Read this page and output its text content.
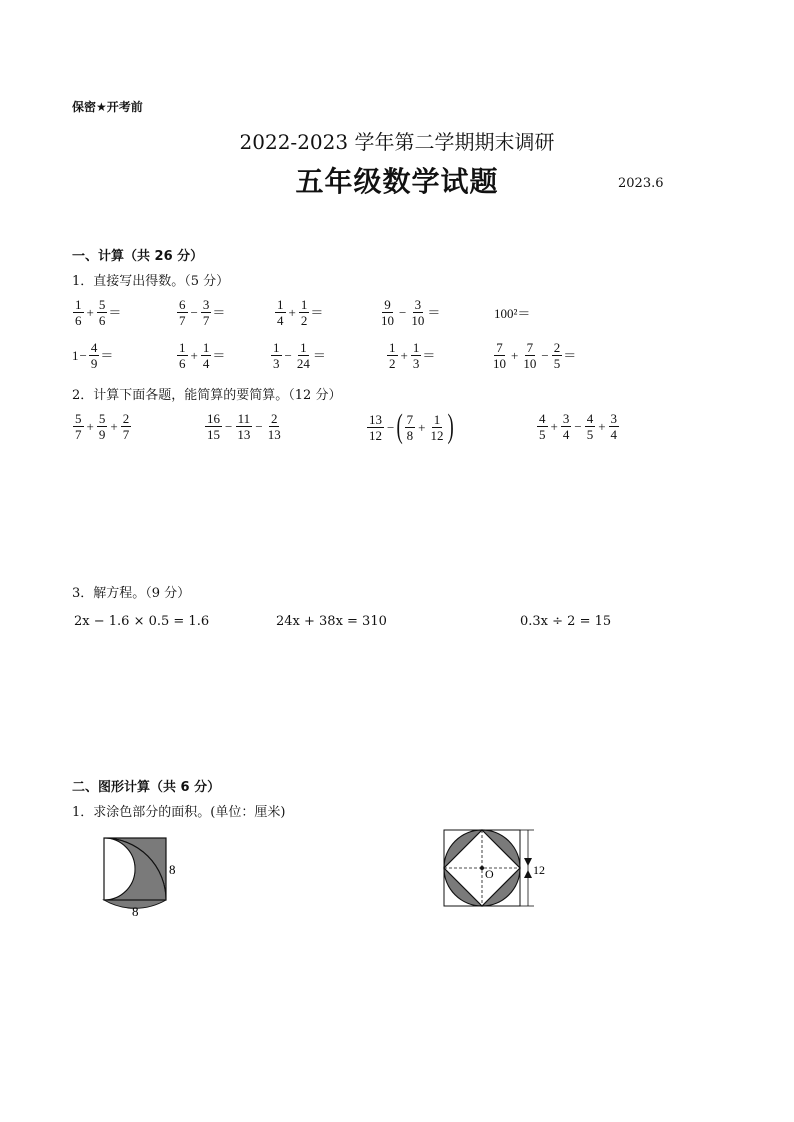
保密★开考前
2022-2023 学年第二学期期末调研
五年级数学试题	2023.6
一、计算（共 26 分）
1．直接写出得数。（5 分）
$\frac{1}{6} + \frac{5}{6}$ ＝	$\frac{6}{7} - \frac{3}{7}$ ＝	$\frac{1}{4} + \frac{1}{2}$ ＝	$\frac{9}{10} - \frac{3}{10}$ ＝	100²＝
$1 - \frac{4}{9}$ ＝	$\frac{1}{6} + \frac{1}{4}$ ＝	$\frac{1}{3} - \frac{1}{24}$ ＝	$\frac{1}{2} + \frac{1}{3}$ ＝	$\frac{7}{10} + \frac{7}{10} - \frac{2}{5}$ ＝
2．计算下面各题，能简算的要简算。（12 分）
$\frac{5}{7} + \frac{5}{9} + \frac{2}{7}$	$\frac{16}{15} - \frac{11}{13} - \frac{2}{13}$	$\frac{13}{12}$ − ( $\frac{7}{8} + \frac{1}{12}$ )	$\frac{4}{5} + \frac{3}{4} - \frac{4}{5} + \frac{3}{4}$
3．解方程。（9 分）
2x − 1.6 × 0.5 = 1.6	24x + 38x = 310	0.3x ÷ 2 = 15
二、图形计算（共 6 分）
1．求涂色部分的面积。(单位：厘米)
8
8
O	12
